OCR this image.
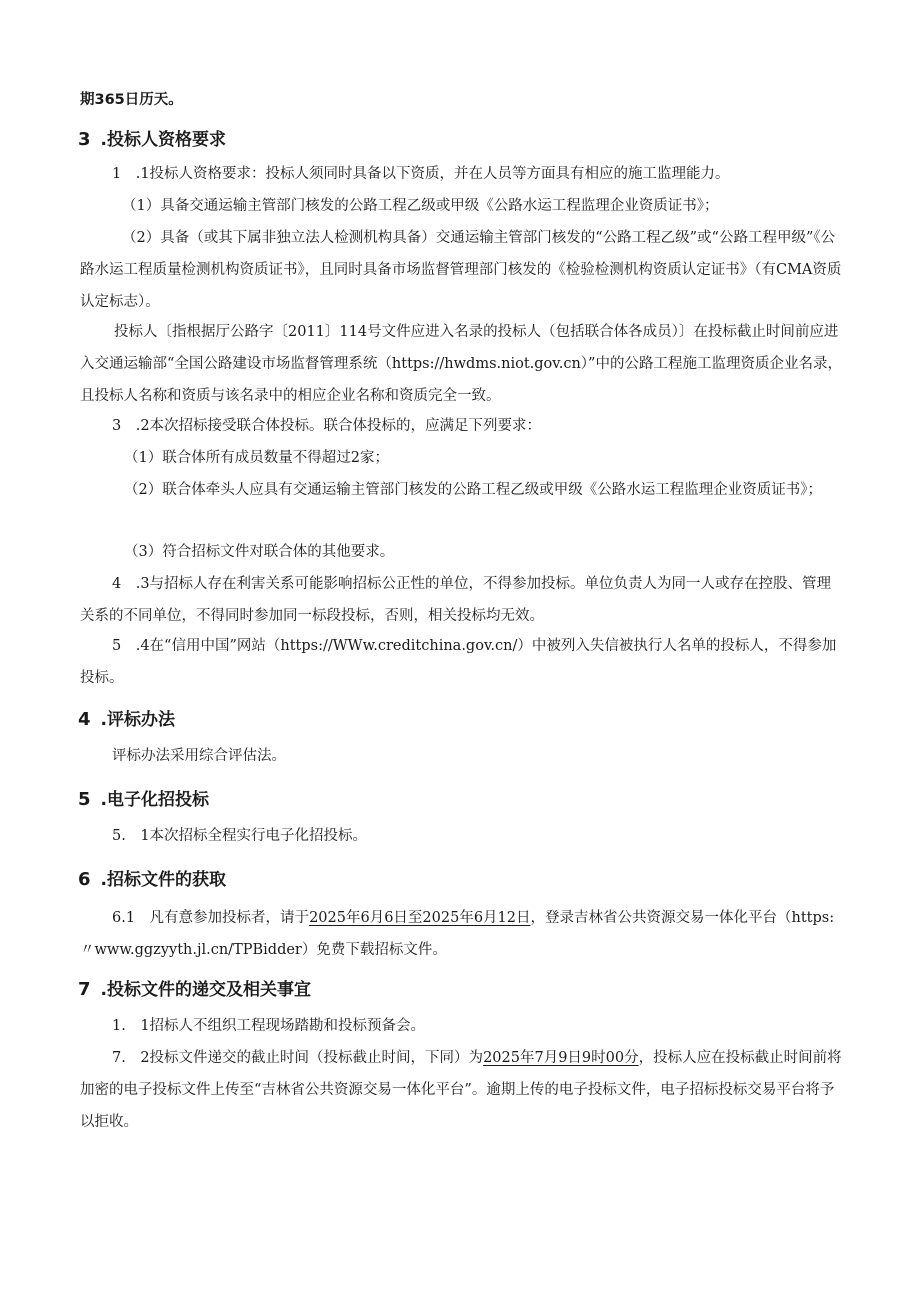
期365日历天。

3 .投标人资格要求

1　.1投标人资格要求：投标人须同时具备以下资质，并在人员等方面具有相应的施工监理能力。

（1）具备交通运输主管部门核发的公路工程乙级或甲级《公路水运工程监理企业资质证书》；

（2）具备（或其下属非独立法人检测机构具备）交通运输主管部门核发的“公路工程乙级”或“公路工程甲级”《公路水运工程质量检测机构资质证书》，且同时具备市场监督管理部门核发的《检验检测机构资质认定证书》（有CMA资质认定标志）。

投标人〔指根据厅公路字〔2011〕114号文件应进入名录的投标人（包括联合体各成员）〕在投标截止时间前应进入交通运输部“全国公路建设市场监督管理系统（https://hwdms.niot.gov.cn）”中的公路工程施工监理资质企业名录，且投标人名称和资质与该名录中的相应企业名称和资质完全一致。

3　.2本次招标接受联合体投标。联合体投标的，应满足下列要求：

（1）联合体所有成员数量不得超过2家；

（2）联合体牵头人应具有交通运输主管部门核发的公路工程乙级或甲级《公路水运工程监理企业资质证书》；

（3）符合招标文件对联合体的其他要求。

4　.3与招标人存在利害关系可能影响招标公正性的单位，不得参加投标。单位负责人为同一人或存在控股、管理关系的不同单位，不得同时参加同一标段投标，否则，相关投标均无效。

5　.4在“信用中国”网站（https://WWw.creditchina.gov.cn/）中被列入失信被执行人名单的投标人，不得参加投标。

4 .评标办法

评标办法采用综合评估法。

5 .电子化招投标

5.　1本次招标全程实行电子化招投标。

6 .招标文件的获取

6.1　凡有意参加投标者，请于2025年6月6日至2025年6月12日，登录吉林省公共资源交易一体化平台（https:〃www.ggzyyth.jl.cn/TPBidder）免费下载招标文件。

7 .投标文件的递交及相关事宜

1.　1招标人不组织工程现场踏勘和投标预备会。

7.　2投标文件递交的截止时间（投标截止时间，下同）为2025年7月9日9时00分，投标人应在投标截止时间前将加密的电子投标文件上传至“吉林省公共资源交易一体化平台”。逾期上传的电子投标文件，电子招标投标交易平台将予以拒收。
